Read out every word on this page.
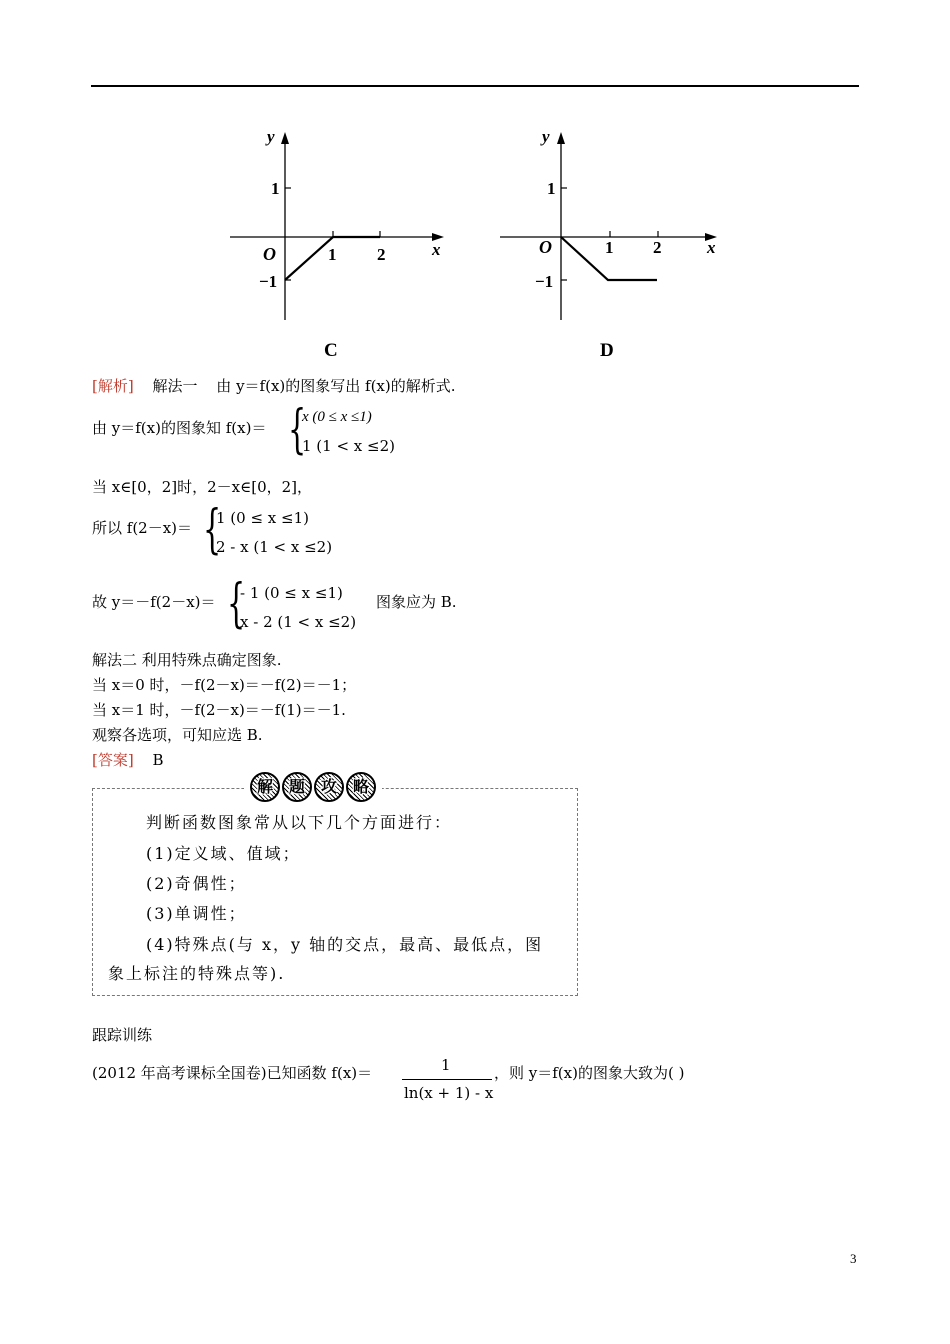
y
x
O
1
−1
1 2
C
y
x
O
1
−1
1 2
D
[解析] 解法一 由 y＝f(x)的图象写出 f(x)的解析式.
由 y＝f(x)的图象知 f(x)＝ {
x (0 ≤ x ≤1)
1 (1 < x ≤2)
当 x∈[0，2]时，2－x∈[0，2]，
所以 f(2－x)＝ {
1 (0 ≤ x ≤1)
2 - x (1 < x ≤2)
故 y＝－f(2－x)＝ {
- 1 (0 ≤ x ≤1)
x - 2 (1 < x ≤2)
图象应为 B.
解法二 利用特殊点确定图象.
当 x＝0 时，－f(2－x)＝－f(2)＝－1；
当 x＝1 时，－f(2－x)＝－f(1)＝－1.
观察各选项，可知应选 B.
[答案] B
解 题 攻 略
判断函数图象常从以下几个方面进行：
(1)定义域、值域；
(2)奇偶性；
(3)单调性；
(4)特殊点(与 x，y 轴的交点，最高、最低点，图
象上标注的特殊点等).
跟踪训练
(2012 年高考课标全国卷)已知函数 f(x)＝	1
ln(x + 1) - x
，则 y＝f(x)的图象大致为( )
3
